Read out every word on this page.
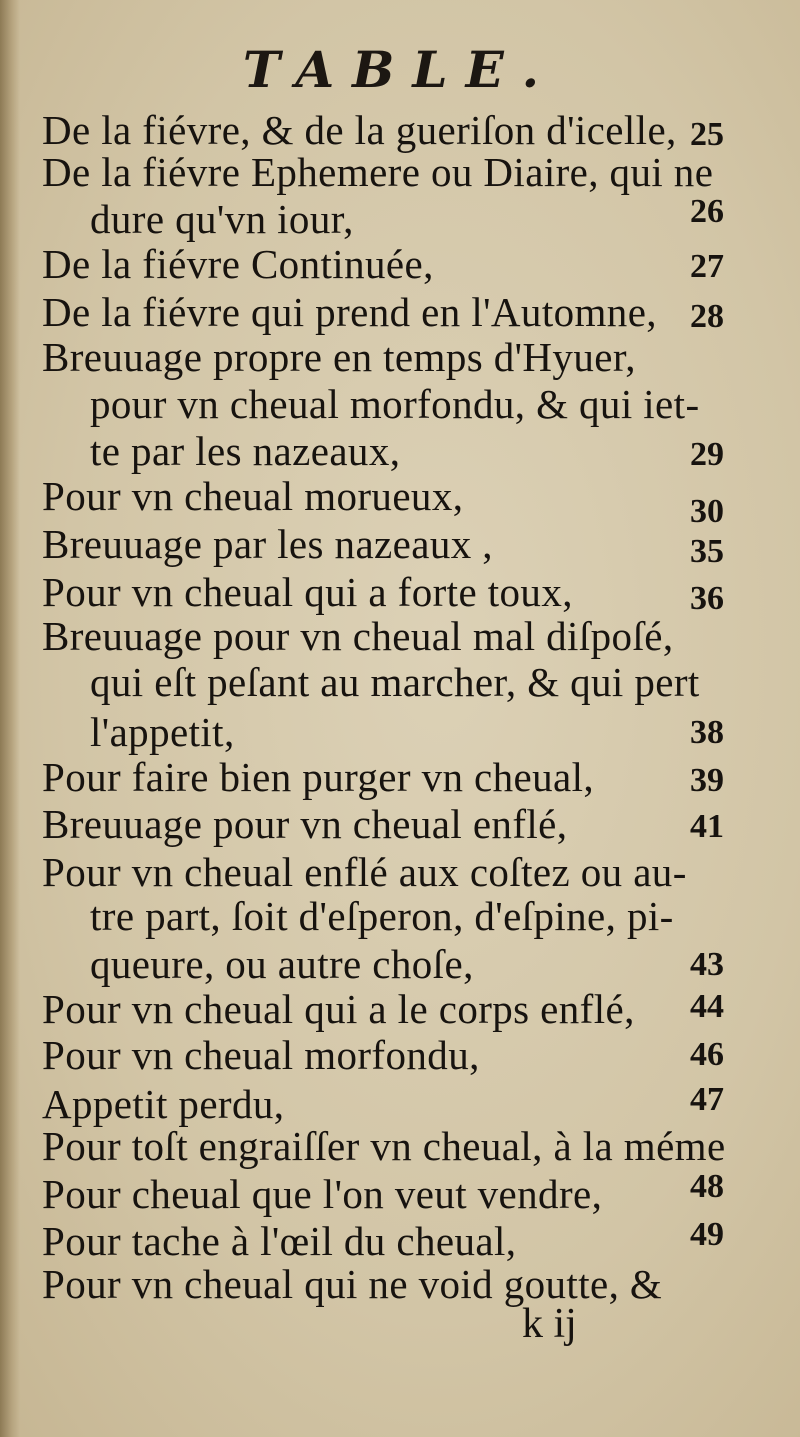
TABLE.
De la fiévre, & de la gueriſon d'icelle, 25
De la fiévre Ephemere ou Diaire, qui ne
dure qu'vn iour,	26
De la fiévre Continuée,	27
De la fiévre qui prend en l'Automne, 28
Breuuage propre en temps d'Hyuer,
pour vn cheual morfondu, & qui iet-
te par les nazeaux,	29
Pour vn cheual morueux,	30
Breuuage par les nazeaux ,	35
Pour vn cheual qui a forte toux,	36
Breuuage pour vn cheual mal diſpoſé,
qui eſt peſant au marcher, & qui pert
l'appetit,	38
Pour faire bien purger vn cheual,	39
Breuuage pour vn cheual enflé,	41
Pour vn cheual enflé aux coſtez ou au-
tre part, ſoit d'eſperon, d'eſpine, pi-
queure, ou autre choſe,	43
Pour vn cheual qui a le corps enflé, 44
Pour vn cheual morfondu,	46
Appetit perdu,	47
Pour toſt engraiſſer vn cheual, à la méme
Pour cheual que l'on veut vendre,	48
Pour tache à l'œil du cheual,	49
Pour vn cheual qui ne void goutte, &
k ij
